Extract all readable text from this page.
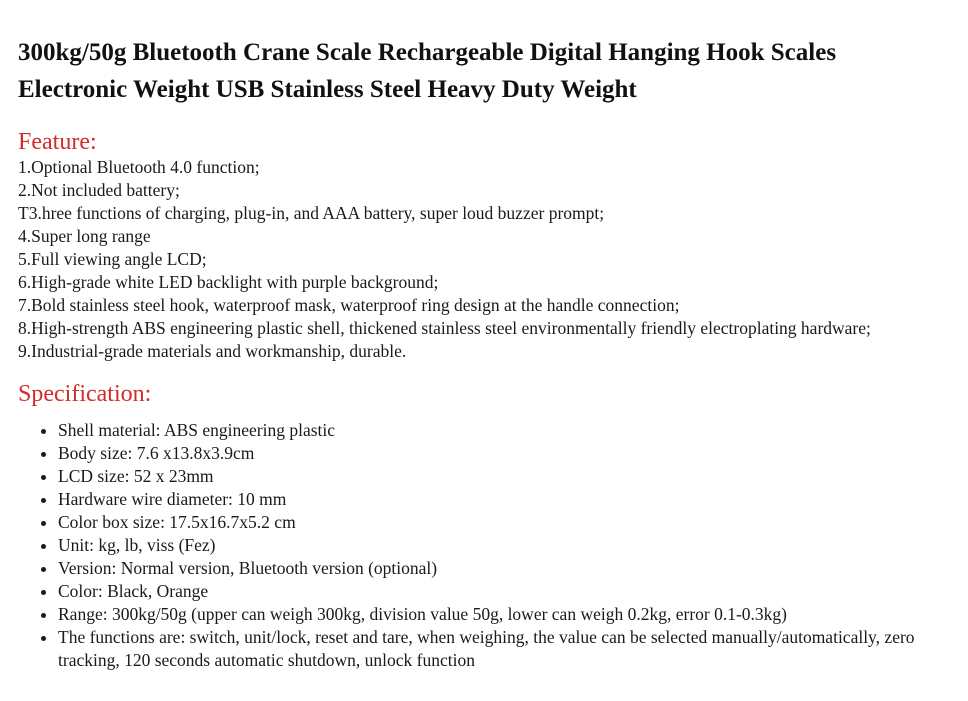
300kg/50g Bluetooth Crane Scale Rechargeable Digital Hanging Hook Scales
Electronic Weight USB Stainless Steel Heavy Duty Weight
Feature:
1.Optional Bluetooth 4.0 function;
2.Not included battery;
T3.hree functions of charging, plug-in, and AAA battery, super loud buzzer prompt;
4.Super long range
5.Full viewing angle LCD;
6.High-grade white LED backlight with purple background;
7.Bold stainless steel hook, waterproof mask, waterproof ring design at the handle connection;
8.High-strength ABS engineering plastic shell, thickened stainless steel environmentally friendly electroplating hardware;
9.Industrial-grade materials and workmanship, durable.
Specification:
• Shell material: ABS engineering plastic
• Body size: 7.6 x13.8x3.9cm
• LCD size: 52 x 23mm
• Hardware wire diameter: 10 mm
• Color box size: 17.5x16.7x5.2 cm
• Unit: kg, lb, viss (Fez)
• Version: Normal version, Bluetooth version (optional)
• Color: Black, Orange
• Range: 300kg/50g (upper can weigh 300kg, division value 50g, lower can weigh 0.2kg, error 0.1-0.3kg)
• The functions are: switch, unit/lock, reset and tare, when weighing, the value can be selected manually/automatically, zero tracking, 120 seconds automatic shutdown, unlock function
